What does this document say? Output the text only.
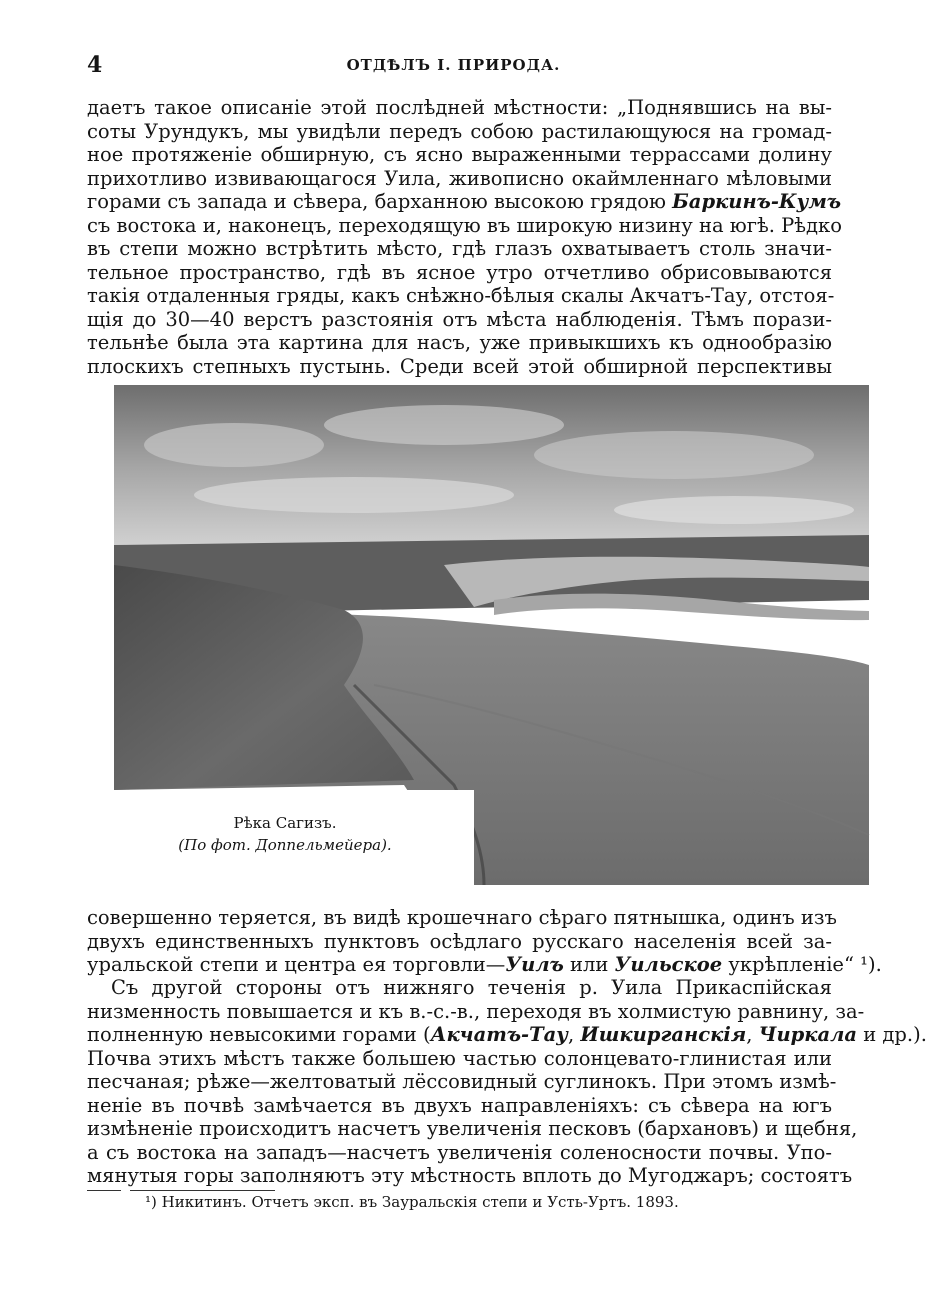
4	ОТДѢЛЪ I. ПРИРОДА.
даетъ такое описаніе этой послѣдней мѣстности: „Поднявшись на вы-
соты Урундукъ, мы увидѣли передъ собою растилающуюся на громад-
ное протяженіе обширную, съ ясно выраженными террассами долину
прихотливо извивающагося Уила, живописно окаймленнаго мѣловыми
горами съ запада и сѣвера, барханною высокою грядою Баркинъ-Кумъ
съ востока и, наконецъ, переходящую въ широкую низину на югѣ. Рѣдко
въ степи можно встрѣтить мѣсто, гдѣ глазъ охватываетъ столь значи-
тельное пространство, гдѣ въ ясное утро отчетливо обрисовываются
такія отдаленныя гряды, какъ снѣжно-бѣлыя скалы Акчатъ-Тау, отстоя-
щія до 30—40 верстъ разстоянія отъ мѣста наблюденія. Тѣмъ порази-
тельнѣе была эта картина для насъ, уже привыкшихъ къ однообразію
плоскихъ степныхъ пустынь. Среди всей этой обширной перспективы
Рѣка Сагизъ.
(По фот. Доппельмейера).
совершенно теряется, въ видѣ крошечнаго сѣраго пятнышка, одинъ изъ
двухъ единственныхъ пунктовъ осѣдлаго русскаго населенія всей за-
уральской степи и центра ея торговли—Уилъ или Уильское укрѣпленіе“ ¹).
Съ другой стороны отъ нижняго теченія р. Уила Прикаспійская
низменность повышается и къ в.-с.-в., переходя въ холмистую равнину, за-
полненную невысокими горами (Акчатъ-Тау, Ишкирганскія, Чиркала и др.).
Почва этихъ мѣстъ также большею частью солонцевато-глинистая или
песчаная; рѣже—желтоватый лёссовидный суглинокъ. При этомъ измѣ-
неніе въ почвѣ замѣчается въ двухъ направленіяхъ: съ сѣвера на югъ
измѣненіе происходитъ насчетъ увеличенія песковъ (бархановъ) и щебня,
а съ востока на западъ—насчетъ увеличенія соленосности почвы. Упо-
мянутыя горы заполняютъ эту мѣстность вплоть до Мугоджаръ; состоятъ
¹) Никитинъ. Отчетъ эксп. въ Зауральскія степи и Усть-Уртъ. 1893.
